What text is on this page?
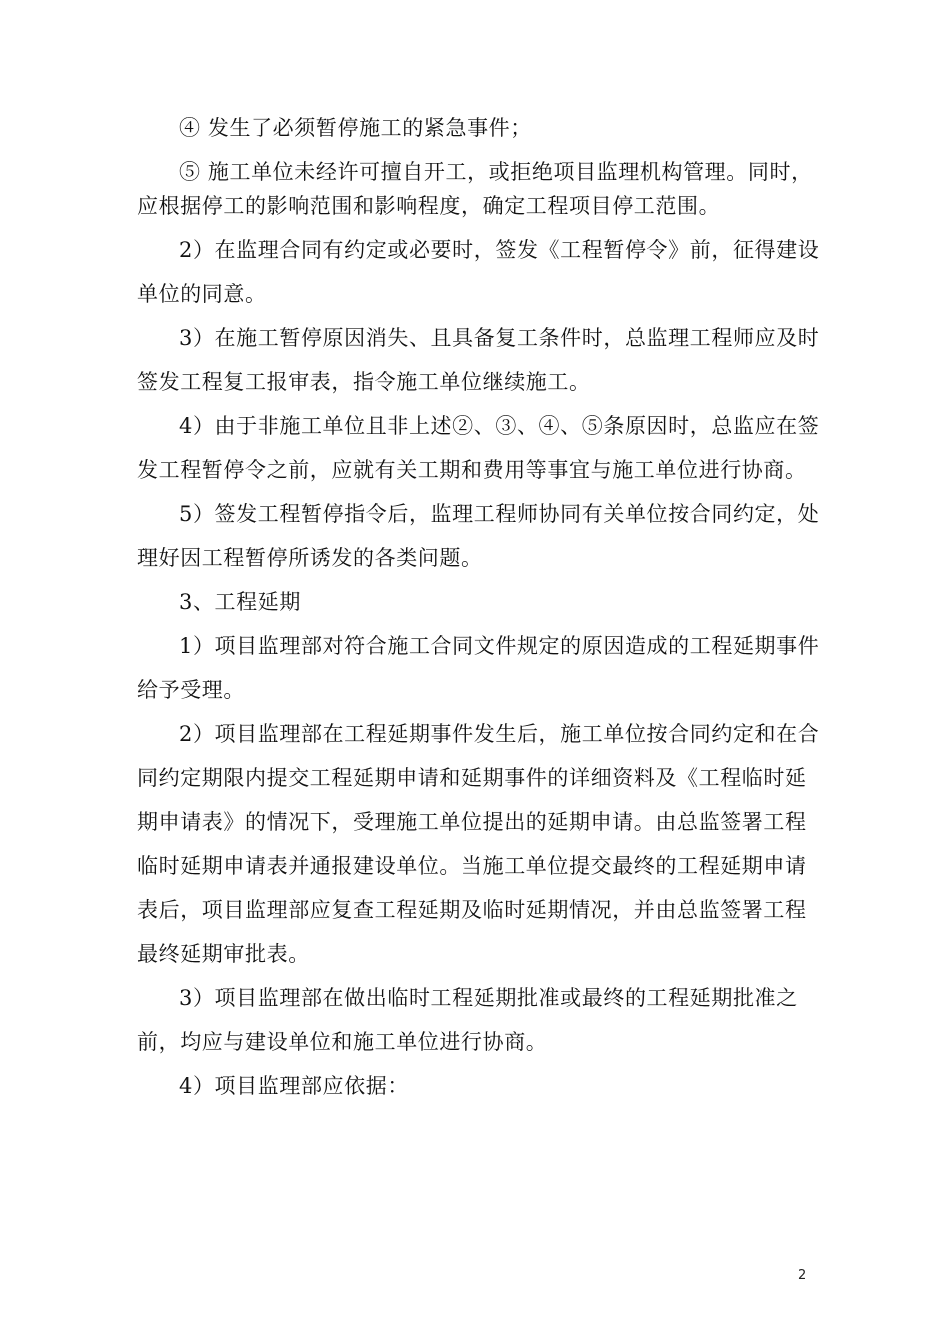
④ 发生了必须暂停施工的紧急事件；

⑤ 施工单位未经许可擅自开工，或拒绝项目监理机构管理。同时，

应根据停工的影响范围和影响程度，确定工程项目停工范围。

2）在监理合同有约定或必要时，签发《工程暂停令》前，征得建设单位的同意。

3）在施工暂停原因消失、且具备复工条件时，总监理工程师应及时签发工程复工报审表，指令施工单位继续施工。

4）由于非施工单位且非上述②、③、④、⑤条原因时，总监应在签发工程暂停令之前，应就有关工期和费用等事宜与施工单位进行协商。

5）签发工程暂停指令后，监理工程师协同有关单位按合同约定，处理好因工程暂停所诱发的各类问题。

3、工程延期

1）项目监理部对符合施工合同文件规定的原因造成的工程延期事件给予受理。

2）项目监理部在工程延期事件发生后，施工单位按合同约定和在合同约定期限内提交工程延期申请和延期事件的详细资料及《工程临时延期申请表》的情况下，受理施工单位提出的延期申请。由总监签署工程临时延期申请表并通报建设单位。当施工单位提交最终的工程延期申请表后，项目监理部应复查工程延期及临时延期情况，并由总监签署工程最终延期审批表。

3）项目监理部在做出临时工程延期批准或最终的工程延期批准之前，均应与建设单位和施工单位进行协商。

4）项目监理部应依据：

2
